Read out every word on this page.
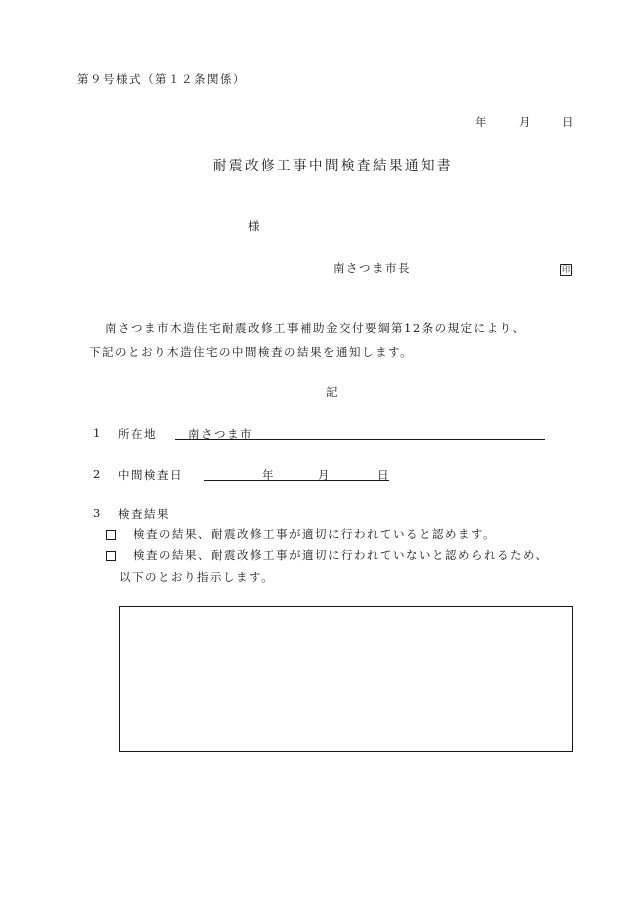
第９号様式（第１２条関係）
年	月	日
耐震改修工事中間検査結果通知書
様
南さつま市長	印
南さつま市木造住宅耐震改修工事補助金交付要綱第12条の規定により、
下記のとおり木造住宅の中間検査の結果を通知します。
記
1 所在地	南さつま市
2 中間検査日	年	月	日
3 検査結果
検査の結果、耐震改修工事が適切に行われていると認めます。
検査の結果、耐震改修工事が適切に行われていないと認められるため、
以下のとおり指示します。
